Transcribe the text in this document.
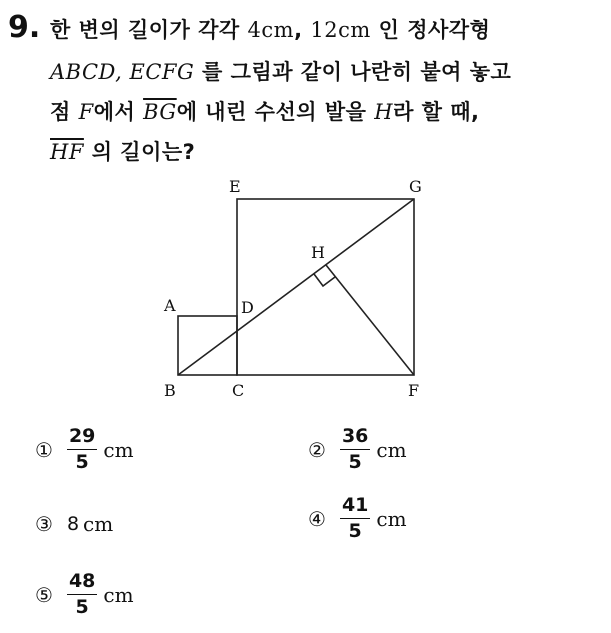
9. 한 변의 길이가 각각 4cm, 12cm 인 정사각형
ABCD, ECFG 를 그림과 같이 나란히 붙여 놓고
점 F에서 $\overline{BG}$에 내린 수선의 발을 H라 할 때,
$\overline{HF}$ 의 길이는?
E	G
H
A	D
B	C	F
① $\frac{29}{5}$ cm	② $\frac{36}{5}$ cm
③ 8 cm	④ $\frac{41}{5}$ cm
⑤ $\frac{48}{5}$ cm
